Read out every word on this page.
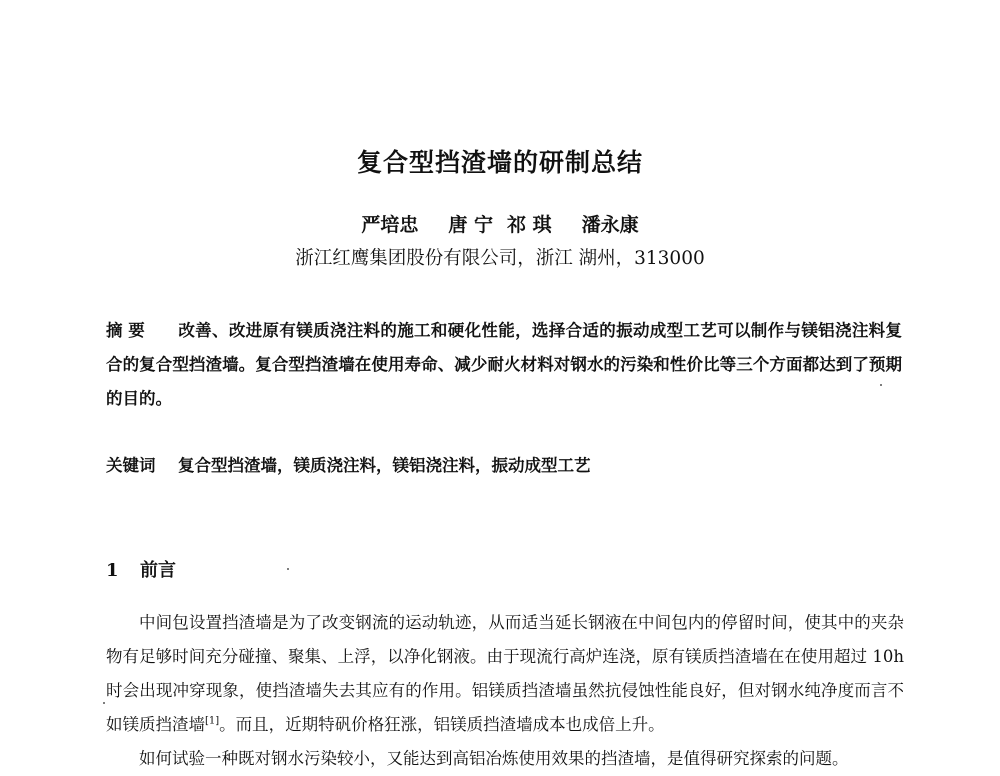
复合型挡渣墙的研制总结
严培忠 唐 宁 祁 琪 潘永康
浙江红鹰集团股份有限公司，浙江 湖州，313000
摘 要 改善、改进原有镁质浇注料的施工和硬化性能，选择合适的振动成型工艺可以制作与镁铝浇注料复合的复合型挡渣墙。复合型挡渣墙在使用寿命、减少耐火材料对钢水的污染和性价比等三个方面都达到了预期的目的。
关键词 复合型挡渣墙，镁质浇注料，镁铝浇注料，振动成型工艺
1 前言

中间包设置挡渣墙是为了改变钢流的运动轨迹，从而适当延长钢液在中间包内的停留时间，使其中的夹杂物有足够时间充分碰撞、聚集、上浮，以净化钢液。由于现流行高炉连浇，原有镁质挡渣墙在在使用超过 10h 时会出现冲穿现象，使挡渣墙失去其应有的作用。铝镁质挡渣墙虽然抗侵蚀性能良好，但对钢水纯净度而言不如镁质挡渣墙[1]。而且，近期特矾价格狂涨，铝镁质挡渣墙成本也成倍上升。

如何试验一种既对钢水污染较小，又能达到高铝冶炼使用效果的挡渣墙，是值得研究探索的问题。
